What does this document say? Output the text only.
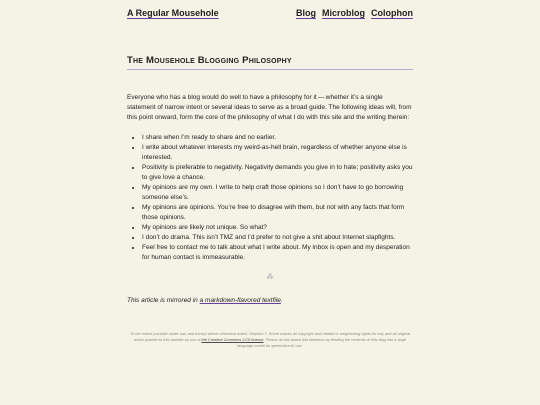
A Regular Mousehole	Blog Microblog Colophon
The Mousehole Blogging Philosophy

Everyone who has a blog would do well to have a philosophy for it — whether it’s a single statement of narrow intent or several ideas to serve as a broad guide. The following ideas will, from this point onward, form the core of the philosophy of what I do with this site and the writing therein:

• I share when I’m ready to share and no earlier.
• I write about whatever interests my weird-as-hell brain, regardless of whether anyone else is interested.
• Positivity is preferable to negativity. Negativity demands you give in to hate; positivity asks you to give love a chance.
• My opinions are my own. I write to help craft those opinions so I don’t have to go borrowing someone else’s.
• My opinions are opinions. You’re free to disagree with them, but not with any facts that form those opinions.
• My opinions are likely not unique. So what?
• I don’t do drama. This isn’t TMZ and I’d prefer to not give a shit about Internet slapfights.
• Feel free to contact me to talk about what I write about. My inbox is open and my desperation for human contact is immeasurable.
⁂

This article is mirrored in a markdown-flavored textfile.

To the extent possible under law, and except where otherwise noted, Stephen T. Stone waives all copyright and related or neighboring rights for any and all original works posted on this website by use of the Creative Commons CC0 license. Please do not abuse this kindness by feeding the contents of this blog into a large language model for generative AI use.
